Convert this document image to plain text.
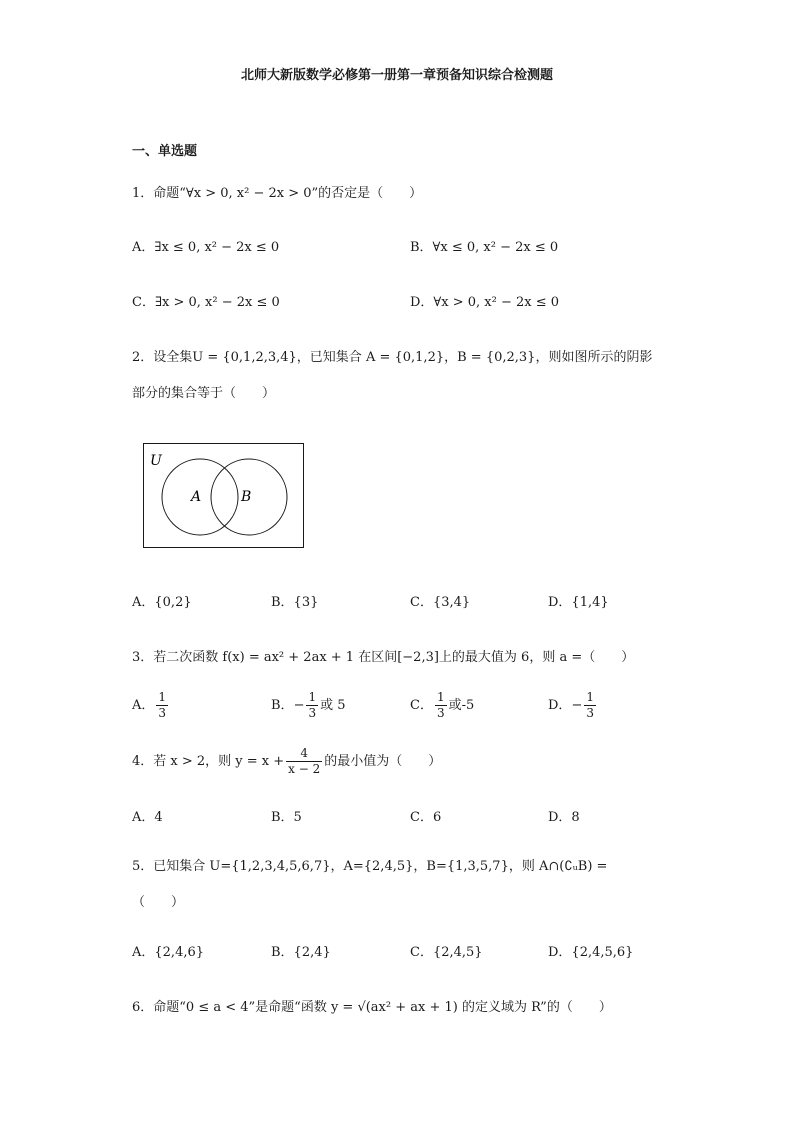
北师大新版数学必修第一册第一章预备知识综合检测题
一、单选题
1．命题“∀x > 0, x² − 2x > 0”的否定是（　　）
A．∃x ≤ 0, x² − 2x ≤ 0	B．∀x ≤ 0, x² − 2x ≤ 0
C．∃x > 0, x² − 2x ≤ 0	D．∀x > 0, x² − 2x ≤ 0
2．设全集U = {0,1,2,3,4}，已知集合 A = {0,1,2}，B = {0,2,3}，则如图所示的阴影
部分的集合等于（　　）
U
A	B
A．{0,2}	B．{3}	C．{3,4}	D．{1,4}
3．若二次函数 f(x) = ax² + 2ax + 1 在区间[−2,3]上的最大值为 6，则 a =（　　）
A． $\frac{1}{3}$	B．− $\frac{1}{3}$ 或 5	C． $\frac{1}{3}$ 或-5	D．− $\frac{1}{3}$
4．若 x > 2，则 $y = x + \frac{4}{x - 2}$ 的最小值为（　　）
A．4	B．5	C．6	D．8
5．已知集合 U={1,2,3,4,5,6,7}，A={2,4,5}，B={1,3,5,7}，则 A∩(∁ᵤB) =
（　　）
A．{2,4,6}	B．{2,4}	C．{2,4,5}	D．{2,4,5,6}
6．命题“0 ≤ a < 4”是命题“函数 y = √(ax² + ax + 1) 的定义域为 R”的（　　）
